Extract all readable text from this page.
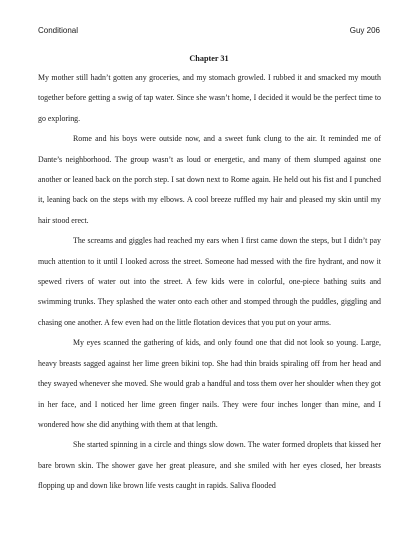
Conditional	Guy 206
Chapter 31

My mother still hadn’t gotten any groceries, and my stomach growled. I rubbed it and smacked my mouth together before getting a swig of tap water. Since she wasn’t home, I decided it would be the perfect time to go exploring.

Rome and his boys were outside now, and a sweet funk clung to the air. It reminded me of Dante’s neighborhood. The group wasn’t as loud or energetic, and many of them slumped against one another or leaned back on the porch step. I sat down next to Rome again. He held out his fist and I punched it, leaning back on the steps with my elbows. A cool breeze ruffled my hair and pleased my skin until my hair stood erect.

The screams and giggles had reached my ears when I first came down the steps, but I didn’t pay much attention to it until I looked across the street. Someone had messed with the fire hydrant, and now it spewed rivers of water out into the street. A few kids were in colorful, one-piece bathing suits and swimming trunks. They splashed the water onto each other and stomped through the puddles, giggling and chasing one another. A few even had on the little flotation devices that you put on your arms.

My eyes scanned the gathering of kids, and only found one that did not look so young. Large, heavy breasts sagged against her lime green bikini top. She had thin braids spiraling off from her head and they swayed whenever she moved. She would grab a handful and toss them over her shoulder when they got in her face, and I noticed her lime green finger nails. They were four inches longer than mine, and I wondered how she did anything with them at that length.

She started spinning in a circle and things slow down. The water formed droplets that kissed her bare brown skin. The shower gave her great pleasure, and she smiled with her eyes closed, her breasts flopping up and down like brown life vests caught in rapids. Saliva flooded
